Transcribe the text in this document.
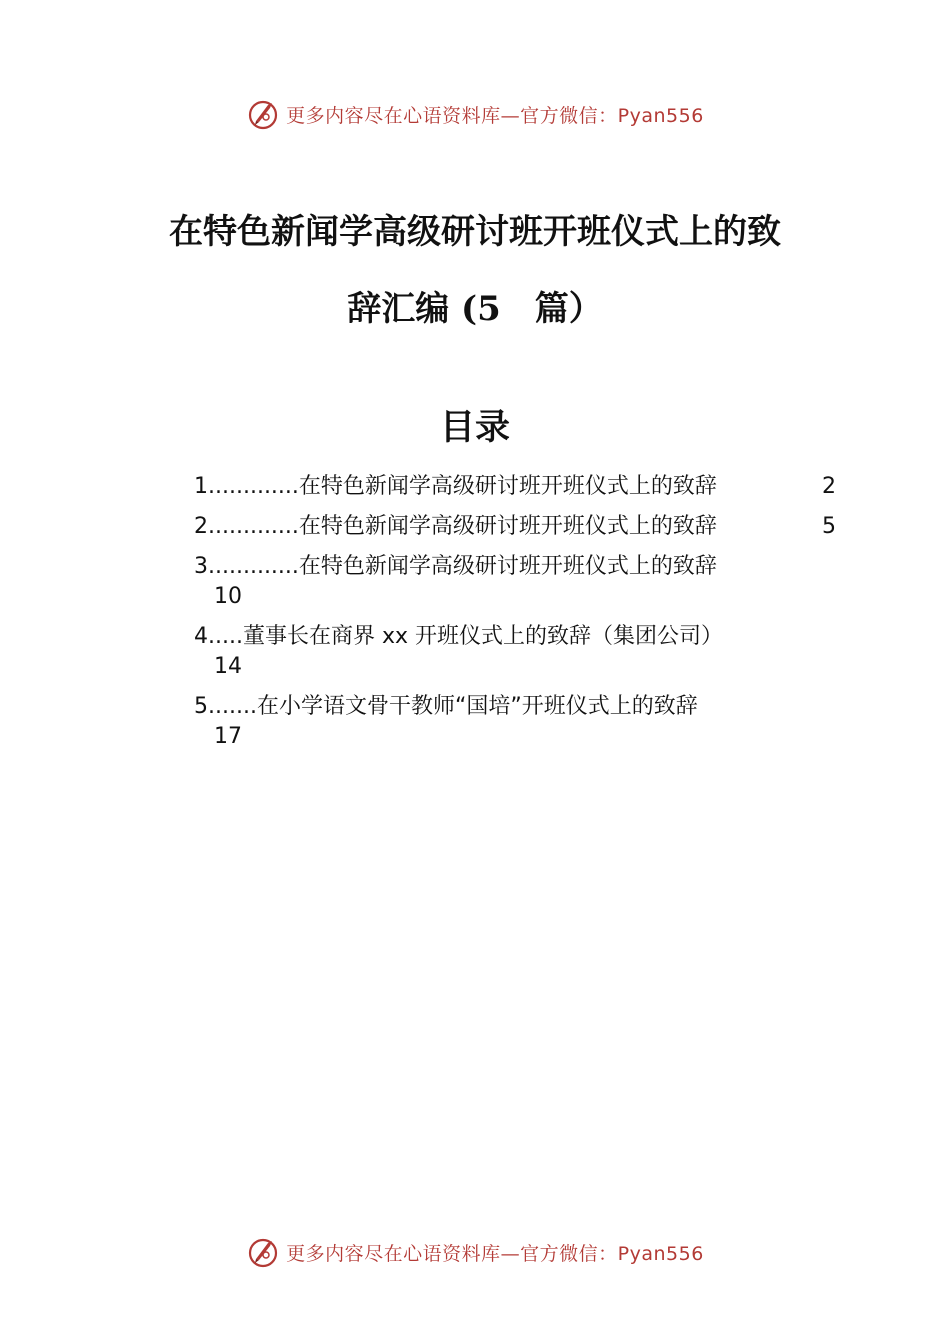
更多内容尽在心语资料库—官方微信：Pyan556
在特色新闻学高级研讨班开班仪式上的致
辞汇编 (5　篇）
目录
1.............在特色新闻学高级研讨班开班仪式上的致辞	2
2.............在特色新闻学高级研讨班开班仪式上的致辞	5
3.............在特色新闻学高级研讨班开班仪式上的致辞
10
4.....董事长在商界 xx 开班仪式上的致辞（集团公司）
14
5.......在小学语文骨干教师“国培”开班仪式上的致辞
17
更多内容尽在心语资料库—官方微信：Pyan556
